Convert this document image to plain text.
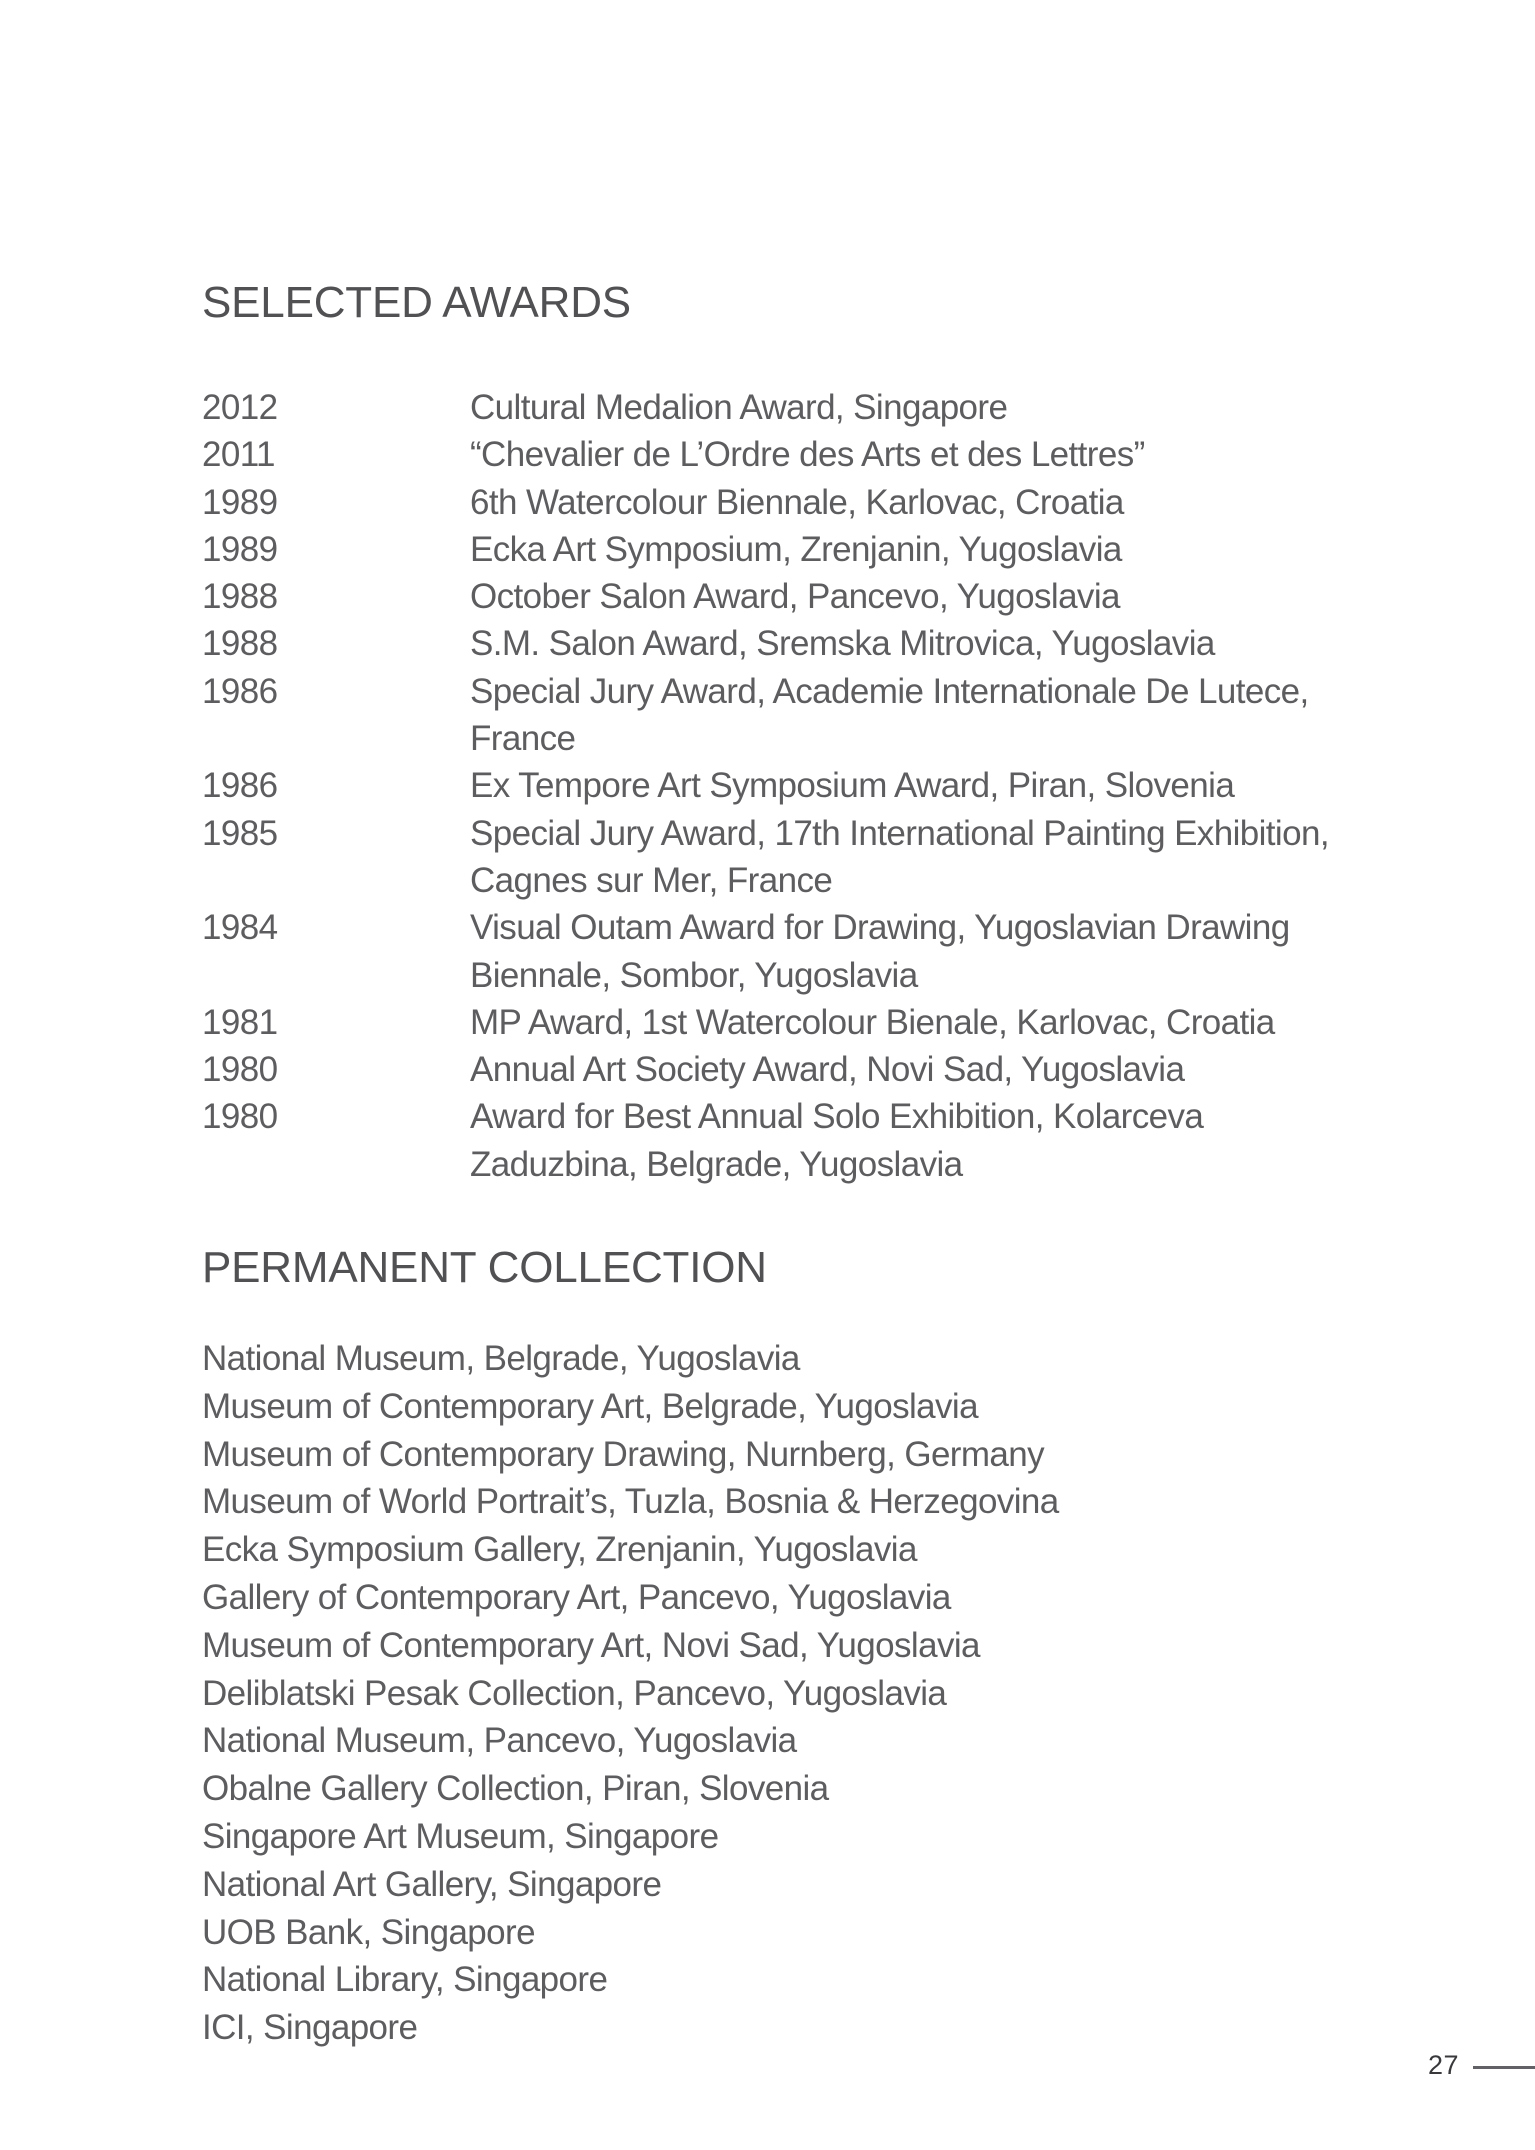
SELECTED AWARDS
2012	Cultural Medalion Award, Singapore
2011	“Chevalier de L’Ordre des Arts et des Lettres”
1989	6th Watercolour Biennale, Karlovac, Croatia
1989	Ecka Art Symposium, Zrenjanin, Yugoslavia
1988	October Salon Award, Pancevo, Yugoslavia
1988	S.M. Salon Award, Sremska Mitrovica, Yugoslavia
1986	Special Jury Award, Academie Internationale De Lutece,
France
1986	Ex Tempore Art Symposium Award, Piran, Slovenia
1985	Special Jury Award, 17th International Painting Exhibition,
Cagnes sur Mer, France
1984	Visual Outam Award for Drawing, Yugoslavian Drawing
Biennale, Sombor, Yugoslavia
1981	MP Award, 1st Watercolour Bienale, Karlovac, Croatia
1980	Annual Art Society Award, Novi Sad, Yugoslavia
1980	Award for Best Annual Solo Exhibition, Kolarceva
Zaduzbina, Belgrade, Yugoslavia
PERMANENT COLLECTION
National Museum, Belgrade, Yugoslavia
Museum of Contemporary Art, Belgrade, Yugoslavia
Museum of Contemporary Drawing, Nurnberg, Germany
Museum of World Portrait’s, Tuzla, Bosnia & Herzegovina
Ecka Symposium Gallery, Zrenjanin, Yugoslavia
Gallery of Contemporary Art, Pancevo, Yugoslavia
Museum of Contemporary Art, Novi Sad, Yugoslavia
Deliblatski Pesak Collection, Pancevo, Yugoslavia
National Museum, Pancevo, Yugoslavia
Obalne Gallery Collection, Piran, Slovenia
Singapore Art Museum, Singapore
National Art Gallery, Singapore
UOB Bank, Singapore
National Library, Singapore
ICI, Singapore
27
